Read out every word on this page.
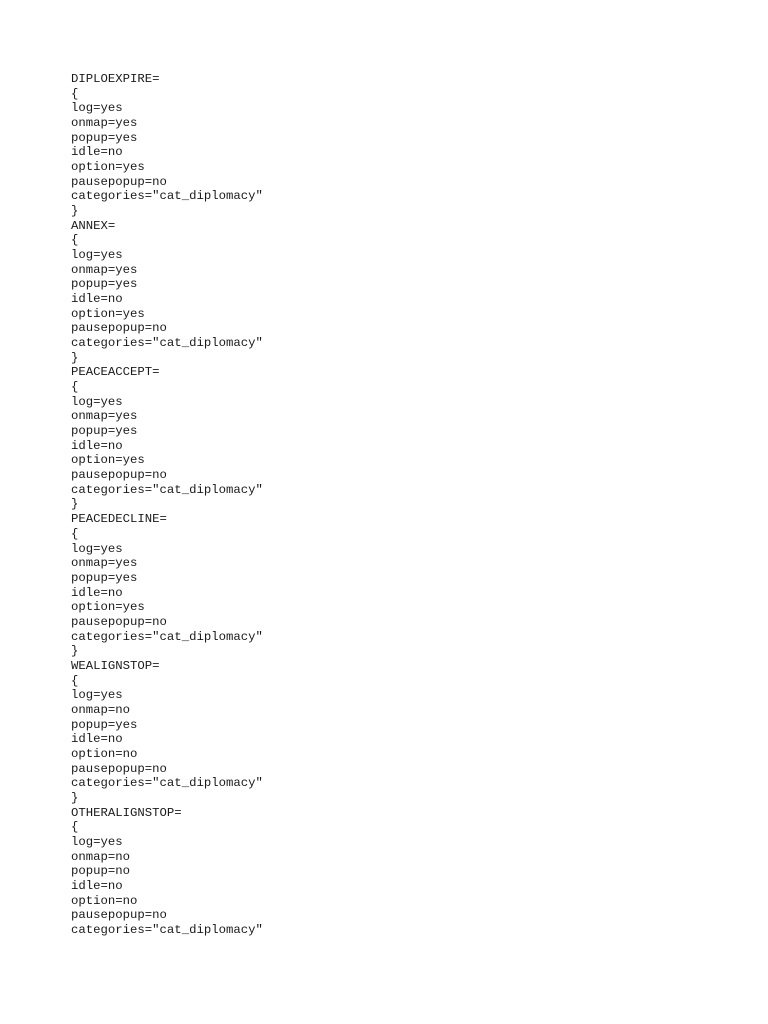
DIPLOEXPIRE=
{
log=yes
onmap=yes
popup=yes
idle=no
option=yes
pausepopup=no
categories="cat_diplomacy"
}
ANNEX=
{
log=yes
onmap=yes
popup=yes
idle=no
option=yes
pausepopup=no
categories="cat_diplomacy"
}
PEACEACCEPT=
{
log=yes
onmap=yes
popup=yes
idle=no
option=yes
pausepopup=no
categories="cat_diplomacy"
}
PEACEDECLINE=
{
log=yes
onmap=yes
popup=yes
idle=no
option=yes
pausepopup=no
categories="cat_diplomacy"
}
WEALIGNSTOP=
{
log=yes
onmap=no
popup=yes
idle=no
option=no
pausepopup=no
categories="cat_diplomacy"
}
OTHERALIGNSTOP=
{
log=yes
onmap=no
popup=no
idle=no
option=no
pausepopup=no
categories="cat_diplomacy"
